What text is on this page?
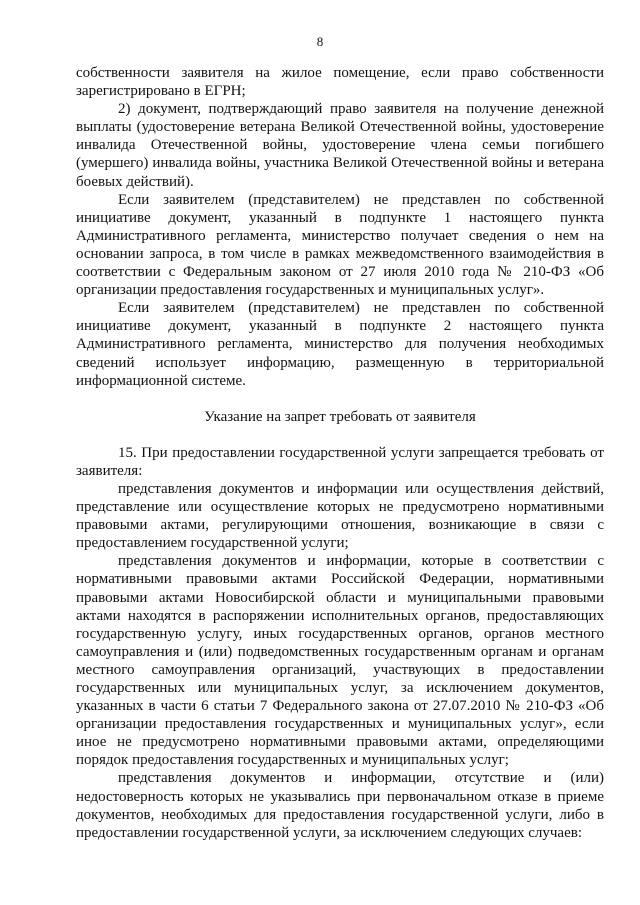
8

собственности заявителя на жилое помещение, если право собственности зарегистрировано в ЕГРН;

2) документ, подтверждающий право заявителя на получение денежной выплаты (удостоверение ветерана Великой Отечественной войны, удостоверение инвалида Отечественной войны, удостоверение члена семьи погибшего (умершего) инвалида войны, участника Великой Отечественной войны и ветерана боевых действий).

Если заявителем (представителем) не представлен по собственной инициативе документ, указанный в подпункте 1 настоящего пункта Административного регламента, министерство получает сведения о нем на основании запроса, в том числе в рамках межведомственного взаимодействия в соответствии с Федеральным законом от 27 июля 2010 года № 210-ФЗ «Об организации предоставления государственных и муниципальных услуг».

Если заявителем (представителем) не представлен по собственной инициативе документ, указанный в подпункте 2 настоящего пункта Административного регламента, министерство для получения необходимых сведений использует информацию, размещенную в территориальной информационной системе.

Указание на запрет требовать от заявителя

15. При предоставлении государственной услуги запрещается требовать от заявителя:

представления документов и информации или осуществления действий, представление или осуществление которых не предусмотрено нормативными правовыми актами, регулирующими отношения, возникающие в связи с предоставлением государственной услуги;

представления документов и информации, которые в соответствии с нормативными правовыми актами Российской Федерации, нормативными правовыми актами Новосибирской области и муниципальными правовыми актами находятся в распоряжении исполнительных органов, предоставляющих государственную услугу, иных государственных органов, органов местного самоуправления и (или) подведомственных государственным органам и органам местного самоуправления организаций, участвующих в предоставлении государственных или муниципальных услуг, за исключением документов, указанных в части 6 статьи 7 Федерального закона от 27.07.2010 № 210-ФЗ «Об организации предоставления государственных и муниципальных услуг», если иное не предусмотрено нормативными правовыми актами, определяющими порядок предоставления государственных и муниципальных услуг;

представления документов и информации, отсутствие и (или) недостоверность которых не указывались при первоначальном отказе в приеме документов, необходимых для предоставления государственной услуги, либо в предоставлении государственной услуги, за исключением следующих случаев:
